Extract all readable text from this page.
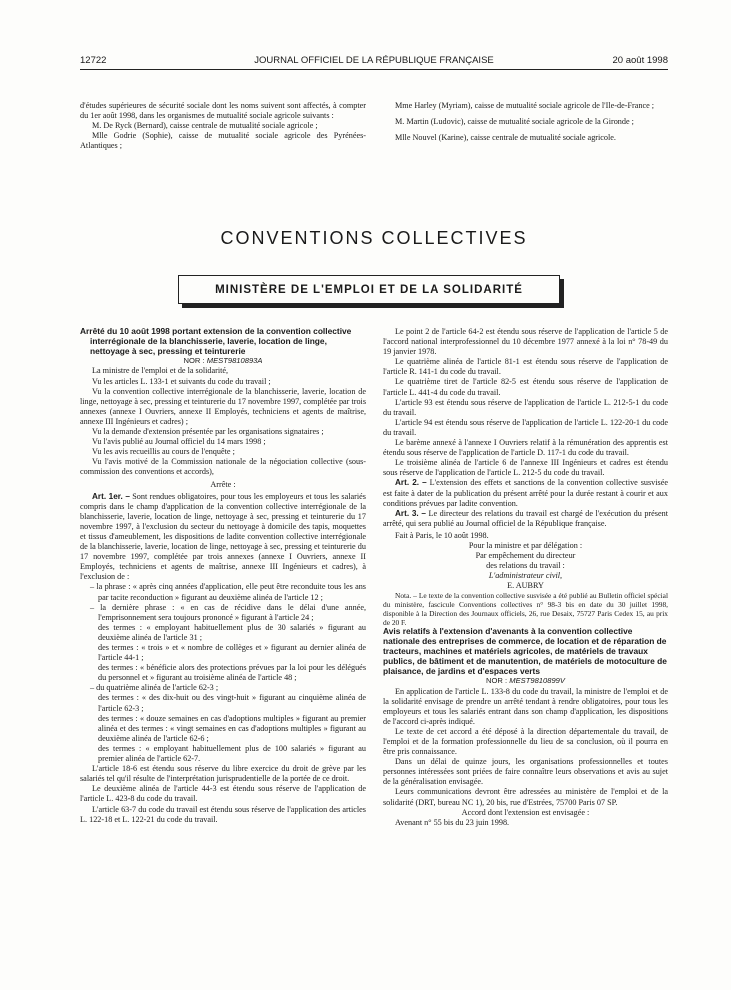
12722	JOURNAL OFFICIEL DE LA RÉPUBLIQUE FRANÇAISE	20 août 1998

d'études supérieures de sécurité sociale dont les noms suivent sont affectés, à compter du 1er août 1998, dans les organismes de mutualité sociale agricole suivants :

M. De Ryck (Bernard), caisse centrale de mutualité sociale agricole ;

Mlle Godrie (Sophie), caisse de mutualité sociale agricole des Pyrénées-Atlantiques ;

Mme Harley (Myriam), caisse de mutualité sociale agricole de l'Ile-de-France ;

M. Martin (Ludovic), caisse de mutualité sociale agricole de la Gironde ;

Mlle Nouvel (Karine), caisse centrale de mutualité sociale agricole.

CONVENTIONS COLLECTIVES
MINISTÈRE DE L'EMPLOI ET DE LA SOLIDARITÉ

Arrêté du 10 août 1998 portant extension de la convention collective interrégionale de la blanchisserie, laverie, location de linge, nettoyage à sec, pressing et teinturerie

NOR : MEST9810893A

La ministre de l'emploi et de la solidarité,

Vu les articles L. 133-1 et suivants du code du travail ;

Vu la convention collective interrégionale de la blanchisserie, laverie, location de linge, nettoyage à sec, pressing et teinturerie du 17 novembre 1997, complétée par trois annexes (annexe I Ouvriers, annexe II Employés, techniciens et agents de maîtrise, annexe III Ingénieurs et cadres) ;

Vu la demande d'extension présentée par les organisations signataires ;

Vu l'avis publié au Journal officiel du 14 mars 1998 ;

Vu les avis recueillis au cours de l'enquête ;

Vu l'avis motivé de la Commission nationale de la négociation collective (sous-commission des conventions et accords),

Arrête :

Art. 1er. – Sont rendues obligatoires, pour tous les employeurs et tous les salariés compris dans le champ d'application de la convention collective interrégionale de la blanchisserie, laverie, location de linge, nettoyage à sec, pressing et teinturerie du 17 novembre 1997, à l'exclusion du secteur du nettoyage à domicile des tapis, moquettes et tissus d'ameublement, les dispositions de ladite convention collective interrégionale de la blanchisserie, laverie, location de linge, nettoyage à sec, pressing et teinturerie du 17 novembre 1997, complétée par trois annexes (annexe I Ouvriers, annexe II Employés, techniciens et agents de maîtrise, annexe III Ingénieurs et cadres), à l'exclusion de :

– la phrase : « après cinq années d'application, elle peut être reconduite tous les ans par tacite reconduction » figurant au deuxième alinéa de l'article 12 ;

– la dernière phrase : « en cas de récidive dans le délai d'une année, l'emprisonnement sera toujours prononcé » figurant à l'article 24 ;

des termes : « employant habituellement plus de 30 salariés » figurant au deuxième alinéa de l'article 31 ;

des termes : « trois » et « nombre de collèges et » figurant au dernier alinéa de l'article 44-1 ;

des termes : « bénéficie alors des protections prévues par la loi pour les délégués du personnel et » figurant au troisième alinéa de l'article 48 ;

– du quatrième alinéa de l'article 62-3 ;

des termes : « des dix-huit ou des vingt-huit » figurant au cinquième alinéa de l'article 62-3 ;

des termes : « douze semaines en cas d'adoptions multiples » figurant au premier alinéa et des termes : « vingt semaines en cas d'adoptions multiples » figurant au deuxième alinéa de l'article 62-6 ;

des termes : « employant habituellement plus de 100 salariés » figurant au premier alinéa de l'article 62-7.

L'article 18-6 est étendu sous réserve du libre exercice du droit de grève par les salariés tel qu'il résulte de l'interprétation jurisprudentielle de la portée de ce droit.

Le deuxième alinéa de l'article 44-3 est étendu sous réserve de l'application de l'article L. 423-8 du code du travail.

L'article 63-7 du code du travail est étendu sous réserve de l'application des articles L. 122-18 et L. 122-21 du code du travail.

Le point 2 de l'article 64-2 est étendu sous réserve de l'application de l'article 5 de l'accord national interprofessionnel du 10 décembre 1977 annexé à la loi n° 78-49 du 19 janvier 1978.

Le quatrième alinéa de l'article 81-1 est étendu sous réserve de l'application de l'article R. 141-1 du code du travail.

Le quatrième tiret de l'article 82-5 est étendu sous réserve de l'application de l'article L. 441-4 du code du travail.

L'article 93 est étendu sous réserve de l'application de l'article L. 212-5-1 du code du travail.

L'article 94 est étendu sous réserve de l'application de l'article L. 122-20-1 du code du travail.

Le barème annexé à l'annexe I Ouvriers relatif à la rémunération des apprentis est étendu sous réserve de l'application de l'article D. 117-1 du code du travail.

Le troisième alinéa de l'article 6 de l'annexe III Ingénieurs et cadres est étendu sous réserve de l'application de l'article L. 212-5 du code du travail.

Art. 2. – L'extension des effets et sanctions de la convention collective susvisée est faite à dater de la publication du présent arrêté pour la durée restant à courir et aux conditions prévues par ladite convention.

Art. 3. – Le directeur des relations du travail est chargé de l'exécution du présent arrêté, qui sera publié au Journal officiel de la République française.

Fait à Paris, le 10 août 1998.

Pour la ministre et par délégation :

Par empêchement du directeur

des relations du travail :

L'administrateur civil,

E. AUBRY

Nota. – Le texte de la convention collective susvisée a été publié au Bulletin officiel spécial du ministère, fascicule Conventions collectives n° 98-3 bis en date du 30 juillet 1998, disponible à la Direction des Journaux officiels, 26, rue Desaix, 75727 Paris Cedex 15, au prix de 20 F.

Avis relatifs à l'extension d'avenants à la convention collective nationale des entreprises de commerce, de location et de réparation de tracteurs, machines et matériels agricoles, de matériels de travaux publics, de bâtiment et de manutention, de matériels de motoculture de plaisance, de jardins et d'espaces verts

NOR : MEST9810899V

En application de l'article L. 133-8 du code du travail, la ministre de l'emploi et de la solidarité envisage de prendre un arrêté tendant à rendre obligatoires, pour tous les employeurs et tous les salariés entrant dans son champ d'application, les dispositions de l'accord ci-après indiqué.

Le texte de cet accord a été déposé à la direction départementale du travail, de l'emploi et de la formation professionnelle du lieu de sa conclusion, où il pourra en être pris connaissance.

Dans un délai de quinze jours, les organisations professionnelles et toutes personnes intéressées sont priées de faire connaître leurs observations et avis au sujet de la généralisation envisagée.

Leurs communications devront être adressées au ministère de l'emploi et de la solidarité (DRT, bureau NC 1), 20 bis, rue d'Estrées, 75700 Paris 07 SP.

Accord dont l'extension est envisagée :

Avenant n° 55 bis du 23 juin 1998.
